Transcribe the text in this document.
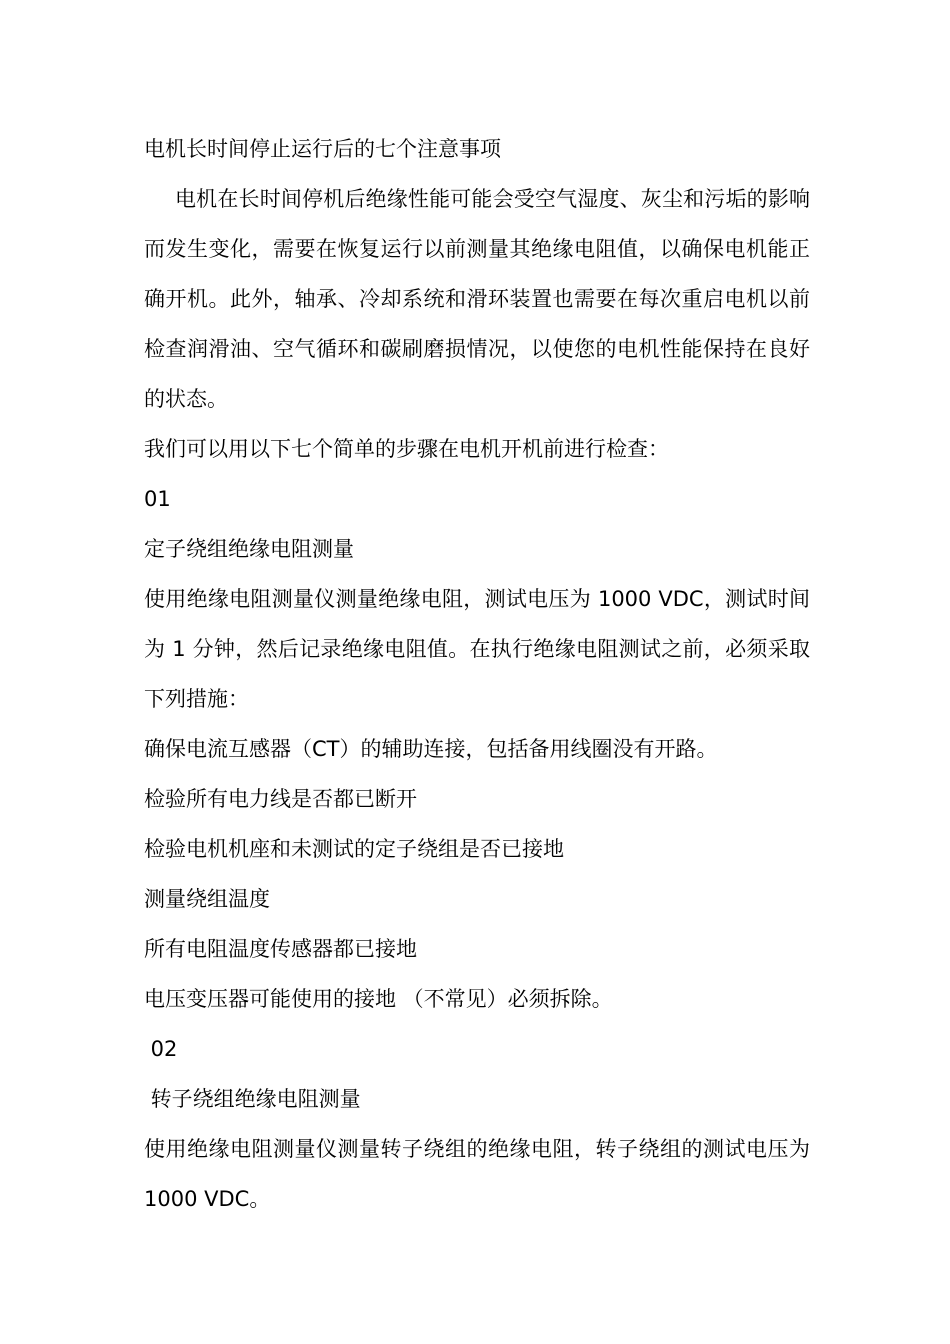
电机长时间停止运行后的七个注意事项
电机在长时间停机后绝缘性能可能会受空气湿度、灰尘和污垢的影响而发生变化，需要在恢复运行以前测量其绝缘电阻值，以确保电机能正确开机。此外，轴承、冷却系统和滑环装置也需要在每次重启电机以前检查润滑油、空气循环和碳刷磨损情况，以使您的电机性能保持在良好的状态。
我们可以用以下七个简单的步骤在电机开机前进行检查：
01
定子绕组绝缘电阻测量
使用绝缘电阻测量仪测量绝缘电阻，测试电压为 1000 VDC，测试时间为 1 分钟，然后记录绝缘电阻值。在执行绝缘电阻测试之前，必须采取下列措施：
确保电流互感器（CT）的辅助连接，包括备用线圈没有开路。
检验所有电力线是否都已断开
检验电机机座和未测试的定子绕组是否已接地
测量绕组温度
所有电阻温度传感器都已接地
电压变压器可能使用的接地 （不常见）必须拆除。
02
转子绕组绝缘电阻测量
使用绝缘电阻测量仪测量转子绕组的绝缘电阻，转子绕组的测试电压为 1000 VDC。
